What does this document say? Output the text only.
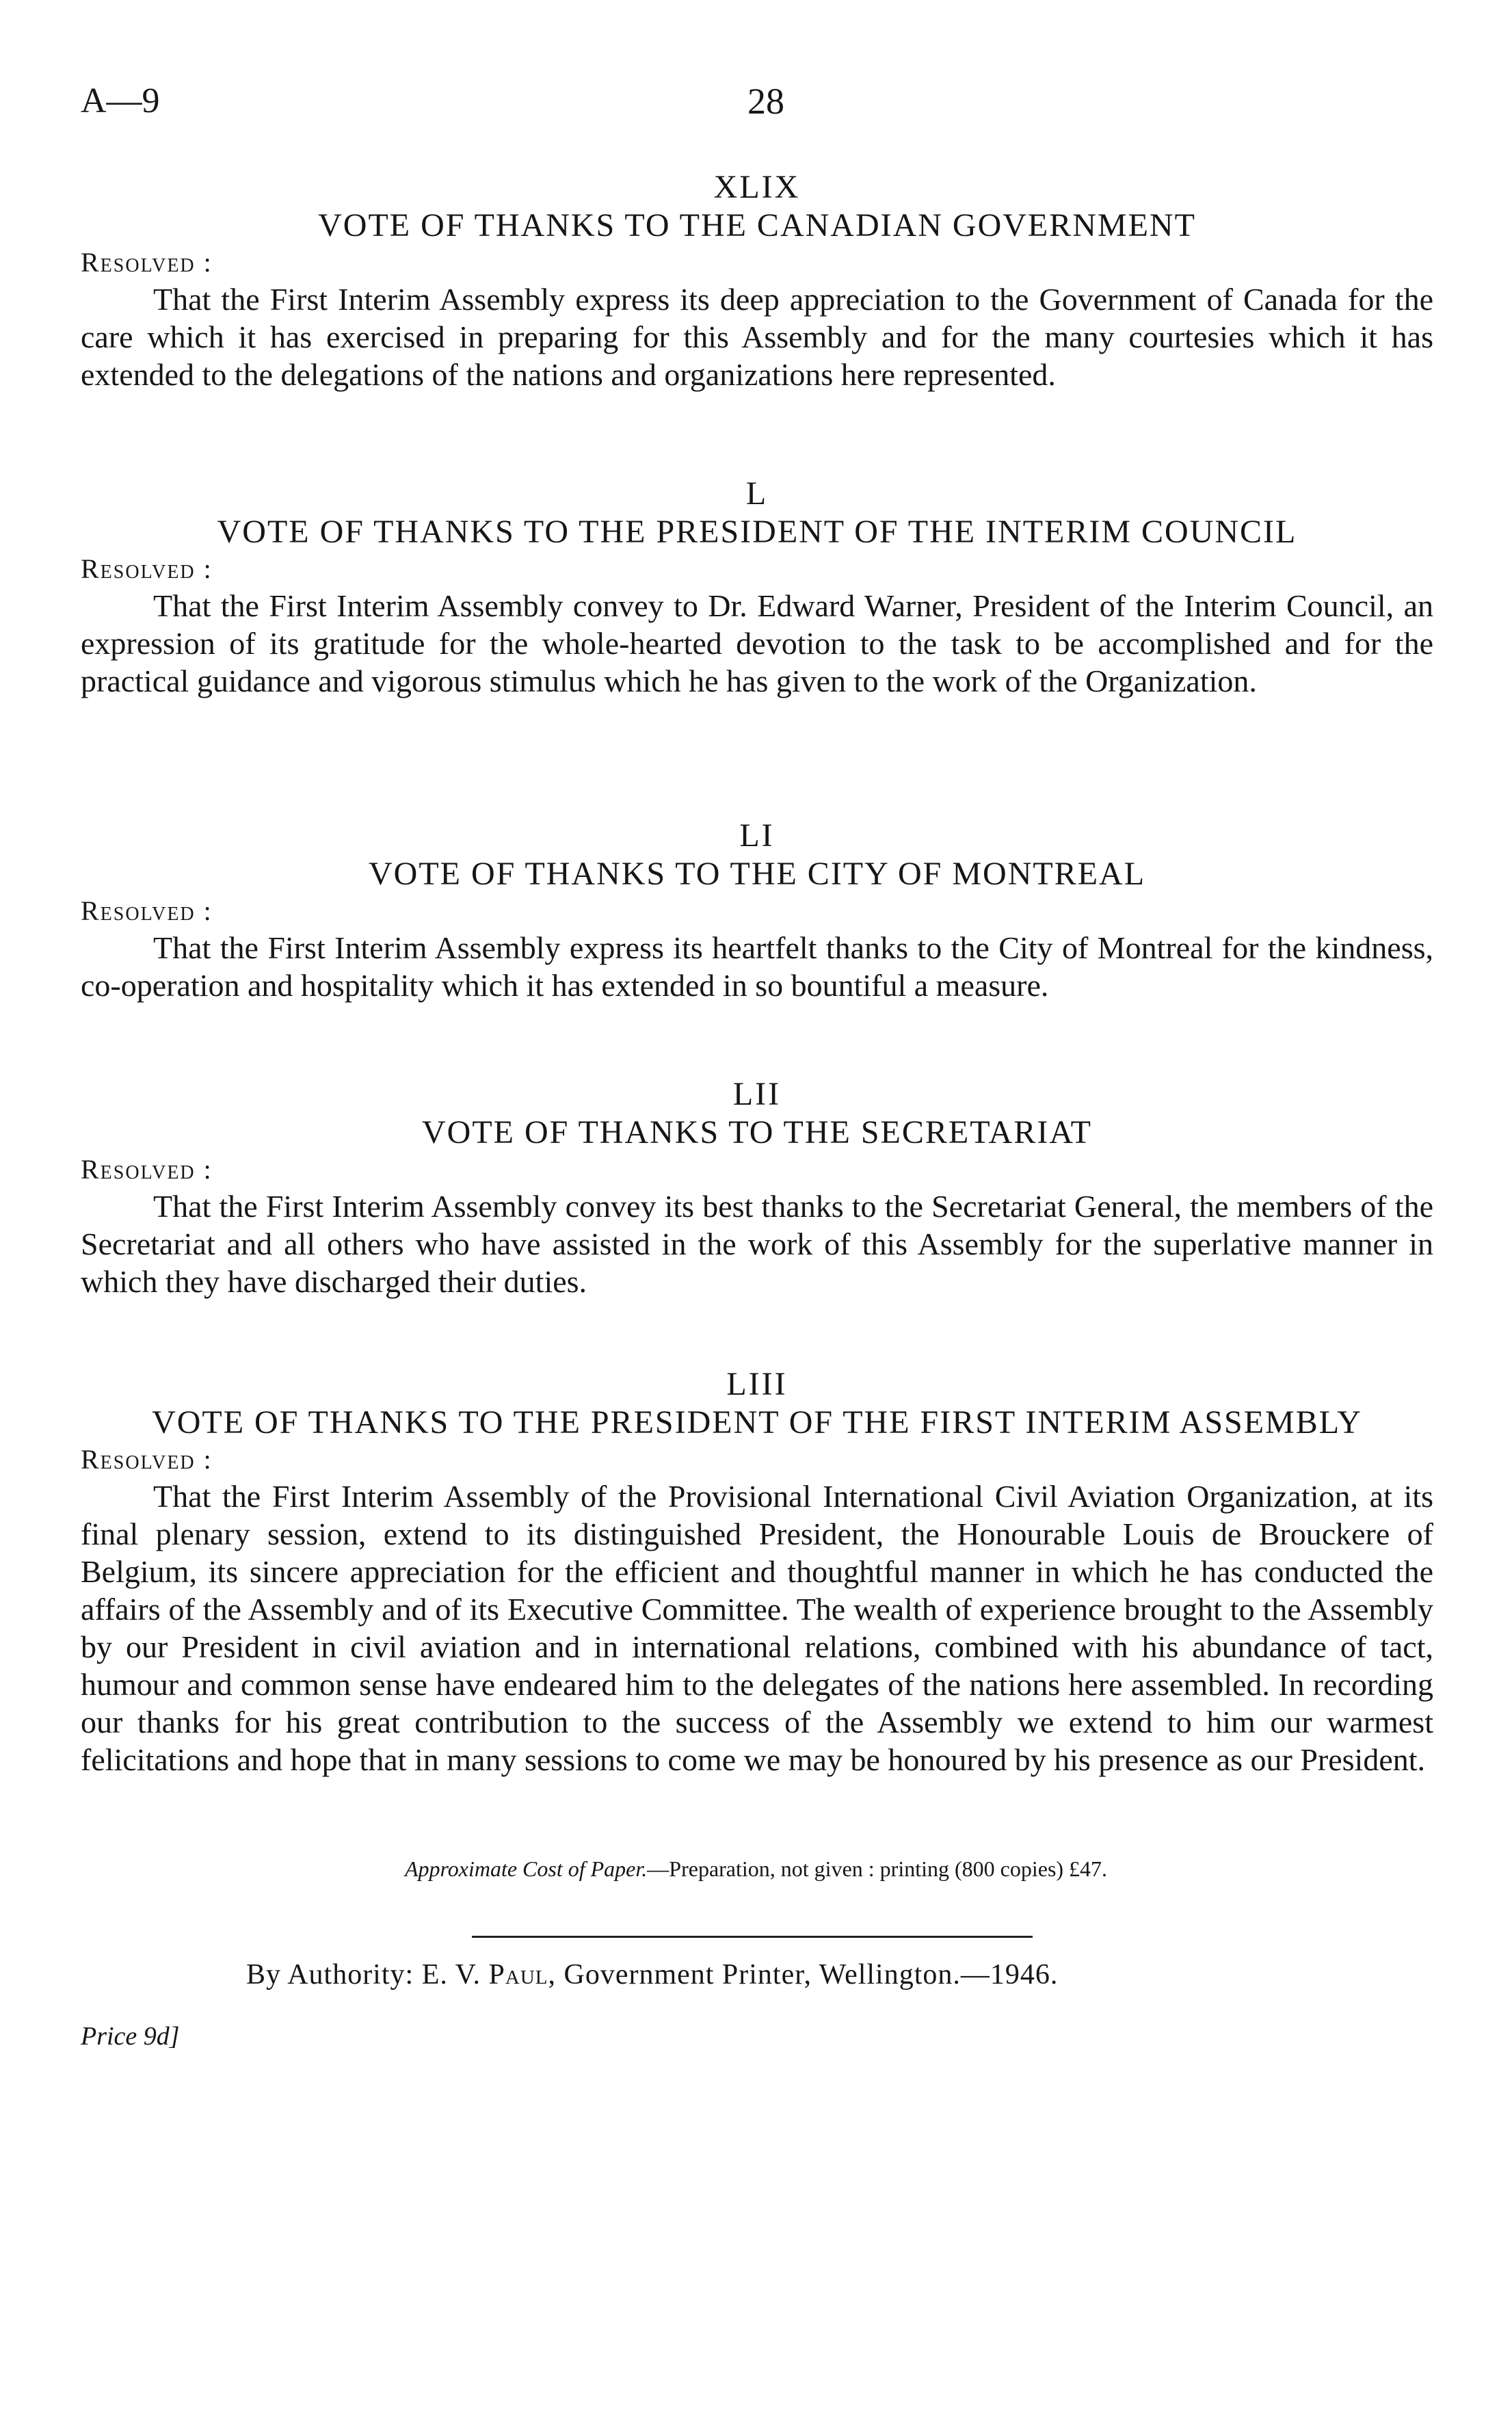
A—9	28

XLIX

VOTE OF THANKS TO THE CANADIAN GOVERNMENT

Resolved :

That the First Interim Assembly express its deep appreciation to the Government of Canada for the care which it has exercised in preparing for this Assembly and for the many courtesies which it has extended to the delegations of the nations and organizations here represented.

L

VOTE OF THANKS TO THE PRESIDENT OF THE INTERIM COUNCIL

Resolved :

That the First Interim Assembly convey to Dr. Edward Warner, President of the Interim Council, an expression of its gratitude for the whole-hearted devotion to the task to be accomplished and for the practical guidance and vigorous stimulus which he has given to the work of the Organization.

LI

VOTE OF THANKS TO THE CITY OF MONTREAL

Resolved :

That the First Interim Assembly express its heartfelt thanks to the City of Montreal for the kindness, co-operation and hospitality which it has extended in so bountiful a measure.

LII

VOTE OF THANKS TO THE SECRETARIAT

Resolved :

That the First Interim Assembly convey its best thanks to the Secretariat General, the members of the Secretariat and all others who have assisted in the work of this Assembly for the superlative manner in which they have discharged their duties.

LIII

VOTE OF THANKS TO THE PRESIDENT OF THE FIRST INTERIM ASSEMBLY

Resolved :

That the First Interim Assembly of the Provisional International Civil Aviation Organization, at its final plenary session, extend to its distinguished President, the Honourable Louis de Brouckere of Belgium, its sincere appreciation for the efficient and thoughtful manner in which he has conducted the affairs of the Assembly and of its Executive Committee. The wealth of experience brought to the Assembly by our President in civil aviation and in international relations, combined with his abundance of tact, humour and common sense have endeared him to the delegates of the nations here assembled. In recording our thanks for his great contribution to the success of the Assembly we extend to him our warmest felicitations and hope that in many sessions to come we may be honoured by his presence as our President.

Approximate Cost of Paper.—Preparation, not given : printing (800 copies) £47.
By Authority: E. V. Paul, Government Printer, Wellington.—1946.
Price 9d]
